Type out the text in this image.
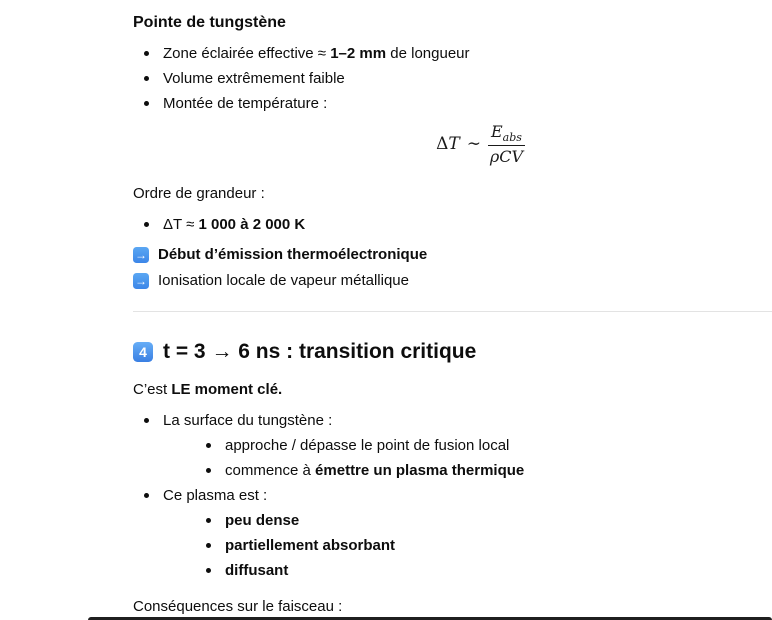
Pointe de tungstène
Zone éclairée effective ≈ 1–2 mm de longueur
Volume extrêmement faible
Montée de température :
Δ T ∼ $\frac{E_{abs}}{\text{ρCV}}$

Ordre de grandeur :

ΔT ≈ 1 000 à 2 000 K
→ Début d’émission thermoélectronique
→ Ionisation locale de vapeur métallique
4 t = 3 → 6 ns : transition critique

C’est LE moment clé.

La surface du tungstène :
approche / dépasse le point de fusion local
commence à émettre un plasma thermique
Ce plasma est :
peu dense
partiellement absorbant
diffusant

Conséquences sur le faisceau :
